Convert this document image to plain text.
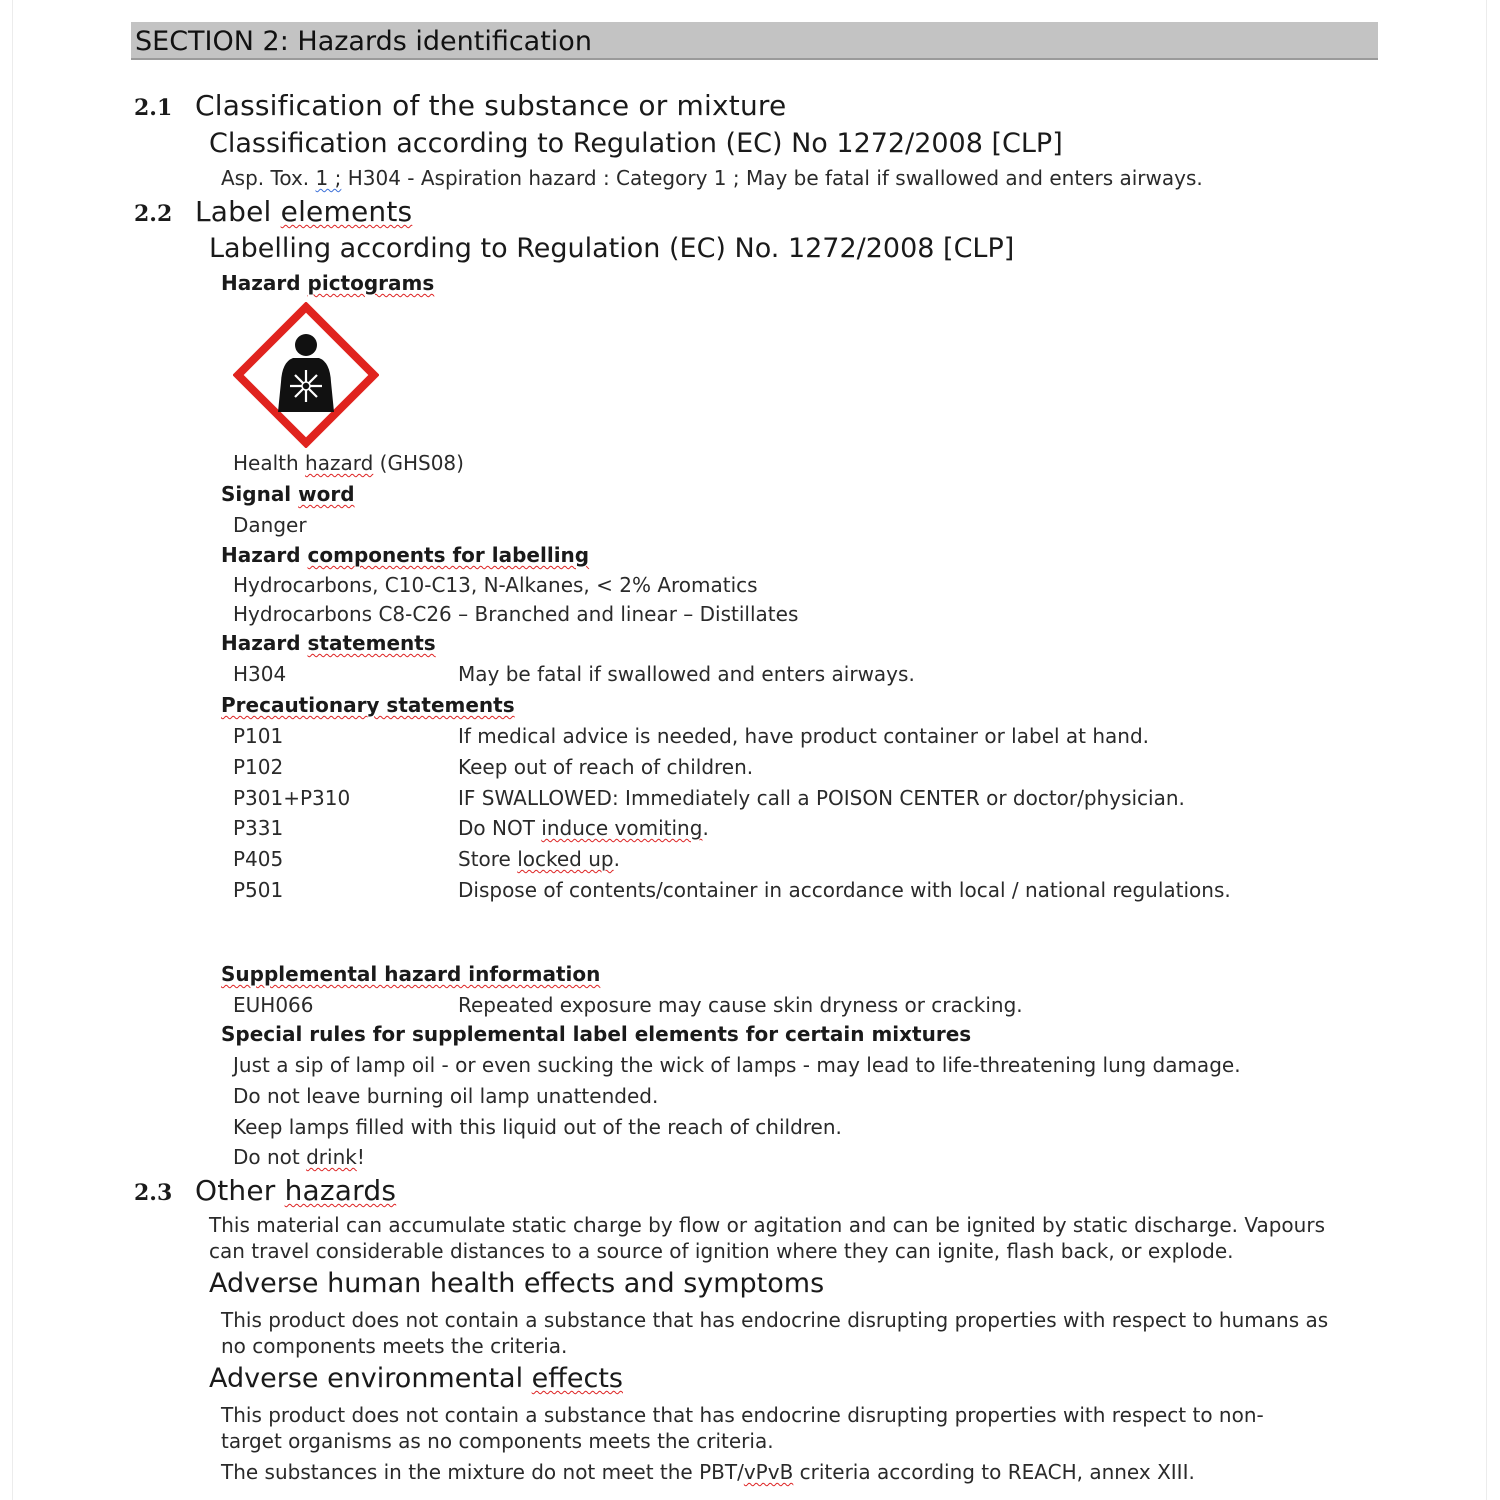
SECTION 2: Hazards identification
2.1 Classification of the substance or mixture
Classification according to Regulation (EC) No 1272/2008 [CLP]
Asp. Tox. 1 ; H304 - Aspiration hazard : Category 1 ; May be fatal if swallowed and enters airways.
2.2 Label elements
Labelling according to Regulation (EC) No. 1272/2008 [CLP]
Hazard pictograms
Health hazard (GHS08)
Signal word
Danger
Hazard components for labelling
Hydrocarbons, C10-C13, N-Alkanes, < 2% Aromatics
Hydrocarbons C8-C26 – Branched and linear – Distillates
Hazard statements
H304	May be fatal if swallowed and enters airways.
Precautionary statements
P101	If medical advice is needed, have product container or label at hand.
P102	Keep out of reach of children.
P301+P310	IF SWALLOWED: Immediately call a POISON CENTER or doctor/physician.
P331	Do NOT induce vomiting.
P405	Store locked up.
P501	Dispose of contents/container in accordance with local / national regulations.
Supplemental hazard information
EUH066	Repeated exposure may cause skin dryness or cracking.
Special rules for supplemental label elements for certain mixtures
Just a sip of lamp oil - or even sucking the wick of lamps - may lead to life-threatening lung damage.
Do not leave burning oil lamp unattended.
Keep lamps filled with this liquid out of the reach of children.
Do not drink!
2.3 Other hazards
This material can accumulate static charge by flow or agitation and can be ignited by static discharge. Vapours can travel considerable distances to a source of ignition where they can ignite, flash back, or explode.
Adverse human health effects and symptoms
This product does not contain a substance that has endocrine disrupting properties with respect to humans as no components meets the criteria.
Adverse environmental effects
This product does not contain a substance that has endocrine disrupting properties with respect to non-target organisms as no components meets the criteria.
The substances in the mixture do not meet the PBT/vPvB criteria according to REACH, annex XIII.
